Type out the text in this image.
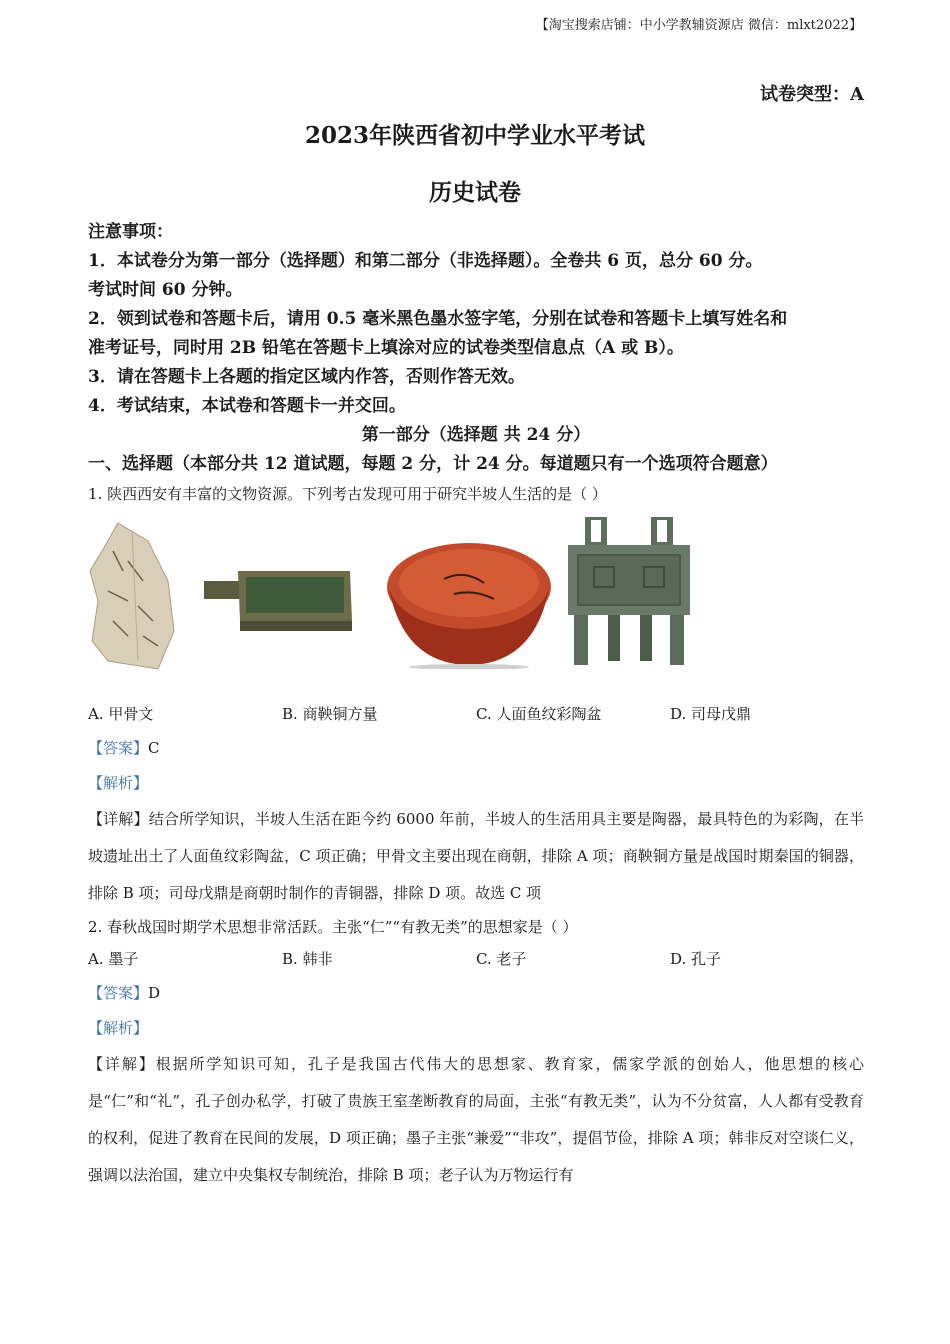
【淘宝搜索店铺：中小学教辅资源店 微信：mlxt2022】
试卷突型：A
2023年陕西省初中学业水平考试
历史试卷
注意事项：
1．本试卷分为第一部分（选择题）和第二部分（非选择题）。全卷共 6 页，总分 60 分。
考试时间 60 分钟。
2．领到试卷和答题卡后，请用 0.5 毫米黑色墨水签字笔，分别在试卷和答题卡上填写姓名和
准考证号，同时用 2B 铅笔在答题卡上填涂对应的试卷类型信息点（A 或 B）。
3．请在答题卡上各题的指定区域内作答，否则作答无效。
4．考试结束，本试卷和答题卡一并交回。
第一部分（选择题 共 24 分）
一、选择题（本部分共 12 道试题，每题 2 分，计 24 分。每道题只有一个选项符合题意）
1. 陕西西安有丰富的文物资源。下列考古发现可用于研究半坡人生活的是（ ）
A. 甲骨文	B. 商鞅铜方量	C. 人面鱼纹彩陶盆	D. 司母戊鼎
【答案】C
【解析】
【详解】结合所学知识，半坡人生活在距今约 6000 年前，半坡人的生活用具主要是陶器，最具特色的为彩陶，在半坡遗址出土了人面鱼纹彩陶盆，C 项正确；甲骨文主要出现在商朝，排除 A 项；商鞅铜方量是战国时期秦国的铜器，排除 B 项；司母戊鼎是商朝时制作的青铜器，排除 D 项。故选 C 项
2. 春秋战国时期学术思想非常活跃。主张“仁”“有教无类”的思想家是（ ）
A. 墨子	B. 韩非	C. 老子	D. 孔子
【答案】D
【解析】
【详解】根据所学知识可知，孔子是我国古代伟大的思想家、教育家，儒家学派的创始人，他思想的核心是“仁”和“礼”，孔子创办私学，打破了贵族王室垄断教育的局面，主张“有教无类”，认为不分贫富，人人都有受教育的权利，促进了教育在民间的发展，D 项正确；墨子主张“兼爱”“非攻”，提倡节俭，排除 A 项；韩非反对空谈仁义，强调以法治国，建立中央集权专制统治，排除 B 项；老子认为万物运行有
